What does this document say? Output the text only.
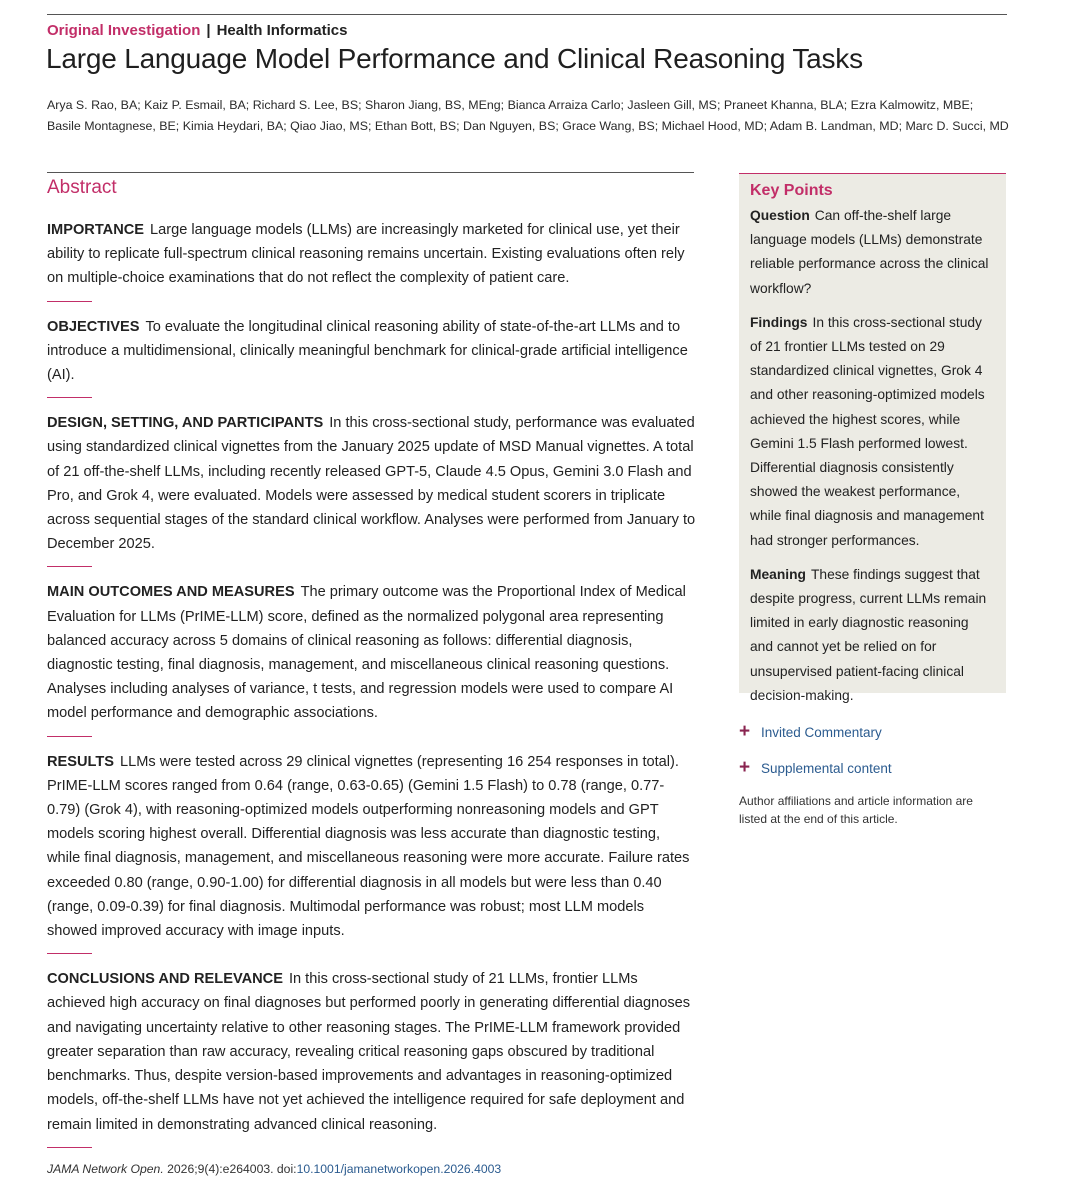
Original Investigation | Health Informatics
Large Language Model Performance and Clinical Reasoning Tasks
Arya S. Rao, BA; Kaiz P. Esmail, BA; Richard S. Lee, BS; Sharon Jiang, BS, MEng; Bianca Arraiza Carlo; Jasleen Gill, MS; Praneet Khanna, BLA; Ezra Kalmowitz, MBE;
Basile Montagnese, BE; Kimia Heydari, BA; Qiao Jiao, MS; Ethan Bott, BS; Dan Nguyen, BS; Grace Wang, BS; Michael Hood, MD; Adam B. Landman, MD; Marc D. Succi, MD
Abstract
IMPORTANCE Large language models (LLMs) are increasingly marketed for clinical use, yet their ability to replicate full-spectrum clinical reasoning remains uncertain. Existing evaluations often rely on multiple-choice examinations that do not reflect the complexity of patient care.
OBJECTIVES To evaluate the longitudinal clinical reasoning ability of state-of-the-art LLMs and to introduce a multidimensional, clinically meaningful benchmark for clinical-grade artificial intelligence (AI).
DESIGN, SETTING, AND PARTICIPANTS In this cross-sectional study, performance was evaluated using standardized clinical vignettes from the January 2025 update of MSD Manual vignettes. A total of 21 off-the-shelf LLMs, including recently released GPT-5, Claude 4.5 Opus, Gemini 3.0 Flash and Pro, and Grok 4, were evaluated. Models were assessed by medical student scorers in triplicate across sequential stages of the standard clinical workflow. Analyses were performed from January to December 2025.
MAIN OUTCOMES AND MEASURES The primary outcome was the Proportional Index of Medical Evaluation for LLMs (PrIME-LLM) score, defined as the normalized polygonal area representing balanced accuracy across 5 domains of clinical reasoning as follows: differential diagnosis, diagnostic testing, final diagnosis, management, and miscellaneous clinical reasoning questions. Analyses including analyses of variance, t tests, and regression models were used to compare AI model performance and demographic associations.
RESULTS LLMs were tested across 29 clinical vignettes (representing 16 254 responses in total). PrIME-LLM scores ranged from 0.64 (range, 0.63-0.65) (Gemini 1.5 Flash) to 0.78 (range, 0.77-0.79) (Grok 4), with reasoning-optimized models outperforming nonreasoning models and GPT models scoring highest overall. Differential diagnosis was less accurate than diagnostic testing, while final diagnosis, management, and miscellaneous reasoning were more accurate. Failure rates exceeded 0.80 (range, 0.90-1.00) for differential diagnosis in all models but were less than 0.40 (range, 0.09-0.39) for final diagnosis. Multimodal performance was robust; most LLM models showed improved accuracy with image inputs.
CONCLUSIONS AND RELEVANCE In this cross-sectional study of 21 LLMs, frontier LLMs achieved high accuracy on final diagnoses but performed poorly in generating differential diagnoses and navigating uncertainty relative to other reasoning stages. The PrIME-LLM framework provided greater separation than raw accuracy, revealing critical reasoning gaps obscured by traditional benchmarks. Thus, despite version-based improvements and advantages in reasoning-optimized models, off-the-shelf LLMs have not yet achieved the intelligence required for safe deployment and remain limited in demonstrating advanced clinical reasoning.
Key Points
Question Can off-the-shelf large language models (LLMs) demonstrate reliable performance across the clinical workflow?
Findings In this cross-sectional study of 21 frontier LLMs tested on 29 standardized clinical vignettes, Grok 4 and other reasoning-optimized models achieved the highest scores, while Gemini 1.5 Flash performed lowest. Differential diagnosis consistently showed the weakest performance, while final diagnosis and management had stronger performances.
Meaning These findings suggest that despite progress, current LLMs remain limited in early diagnostic reasoning and cannot yet be relied on for unsupervised patient-facing clinical decision-making.
+ Invited Commentary
+ Supplemental content
Author affiliations and article information are listed at the end of this article.
JAMA Network Open. 2026;9(4):e264003. doi:10.1001/jamanetworkopen.2026.4003
